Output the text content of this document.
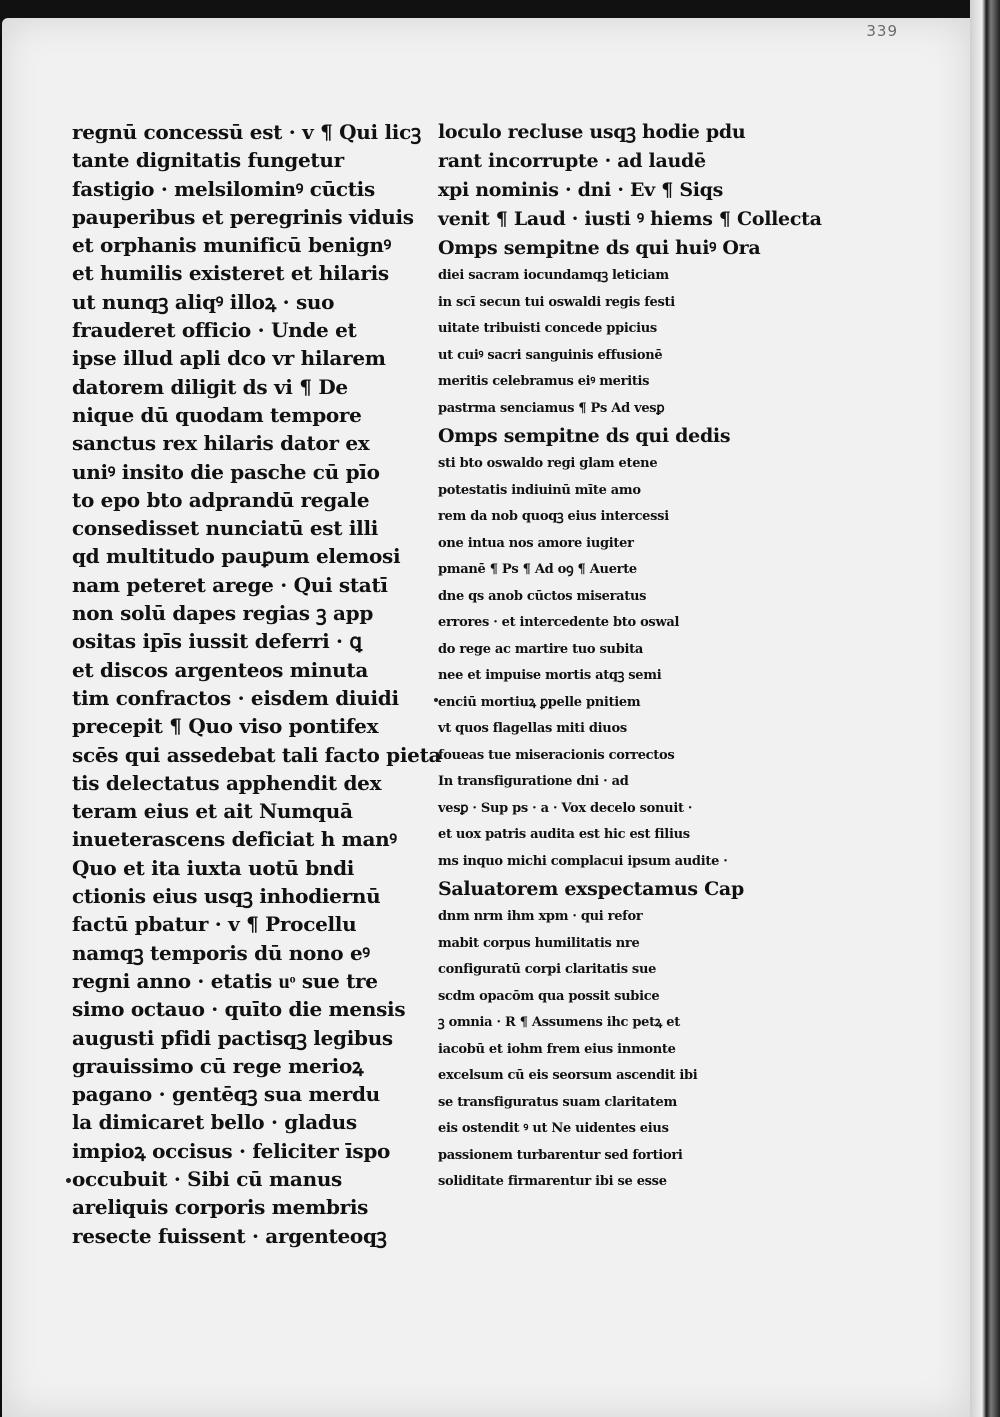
339
regnū concessū est · v ¶ Qui licꝫ
tante dignitatis fungetur
fastigio · melsilominꝰ cūctis
pauperibus et peregrinis viduis
et orphanis munificū benignꝰ
et humilis existeret et hilaris
ut nunqꝫ aliqꝰ illoꝝ · suo
frauderet officio · Unde et
ipse illud apli dco vr hilarem
datorem diligit ds vi ¶ De
nique dū quodam tempore
sanctus rex hilaris dator ex
uniꝰ insito die pasche cū pīo
to epo bto adprandū regale
consedisset nunciatū est illi
qd multitudo pauꝑum elemosi
nam peteret arege · Qui statī
non solū dapes regias ꝫ app
ositas ipīs iussit deferri · ꝗ
et discos argenteos minuta
tim confractos · eisdem diuidi
precepit ¶ Quo viso pontifex
scēs qui assedebat tali facto pieta
tis delectatus apphendit dex
teram eius et ait Numquā
inueterascens deficiat h manꝰ
Quo et ita iuxta uotū bndi
ctionis eius usqꝫ inhodiernū
factū pbatur · v ¶ Procellu
namqꝫ temporis dū nono eꝰ
regni anno · etatis uͦ sue tre
simo octauo · quīto die mensis
augusti pfidi pactisqꝫ legibus
grauissimo cū rege merioꝝ
pagano · gentēqꝫ sua merdu
la dimicaret bello · gladus
impioꝝ occisus · feliciter īspo
occubuit · Sibi cū manus
areliquis corporis membris
resecte fuissent · argenteoqꝫ
loculo recluse usqꝫ hodie pdu
rant incorrupte · ad laudē
xpi nominis · dni · Ev ¶ Siqs
venit ¶ Laud · iusti ꝰ hiems ¶ Collecta
Omps sempitne ds qui huiꝰ Ora
diei sacram iocundamqꝫ leticiam
in scī secun tui oswaldi regis festi
uitate tribuisti concede ppicius
ut cuiꝰ sacri sanguinis effusionē
meritis celebramus eiꝰ meritis
pastrma senciamus ¶ Ps Ad vesꝑ
Omps sempitne ds qui dedis
sti bto oswaldo regi glam etene
potestatis indiuinū mīte amo
rem da nob quoqꝫ eius intercessi
one intua nos amore iugiter
pmanē ¶ Ps ¶ Ad oꝯ ¶ Auerte
dne qs anob cūctos miseratus
errores · et intercedente bto oswal
do rege ac martire tuo subita
nee et impuise mortis atqꝫ semi
enciū mortiuꝝ ꝑpelle pnitiem
vt quos flagellas miti diuos
foueas tue miseracionis correctos
In transfiguratione dni · ad
vesꝑ · Sup ps · a · Vox decelo sonuit ·
et uox patris audita est hic est filius
ms inquo michi complacui ipsum audite ·
Saluatorem exspectamus Cap
dnm nrm ihm xpm · qui refor
mabit corpus humilitatis nre
configuratū corpi claritatis sue
scdm opacōm qua possit subice
ꝫ omnia · R ¶ Assumens ihc petꝝ et
iacobū et iohm frem eius inmonte
excelsum cū eis seorsum ascendit ibi
se transfiguratus suam claritatem
eis ostendit ꝰ ut Ne uidentes eius
passionem turbarentur sed fortiori
soliditate firmarentur ibi se esse
